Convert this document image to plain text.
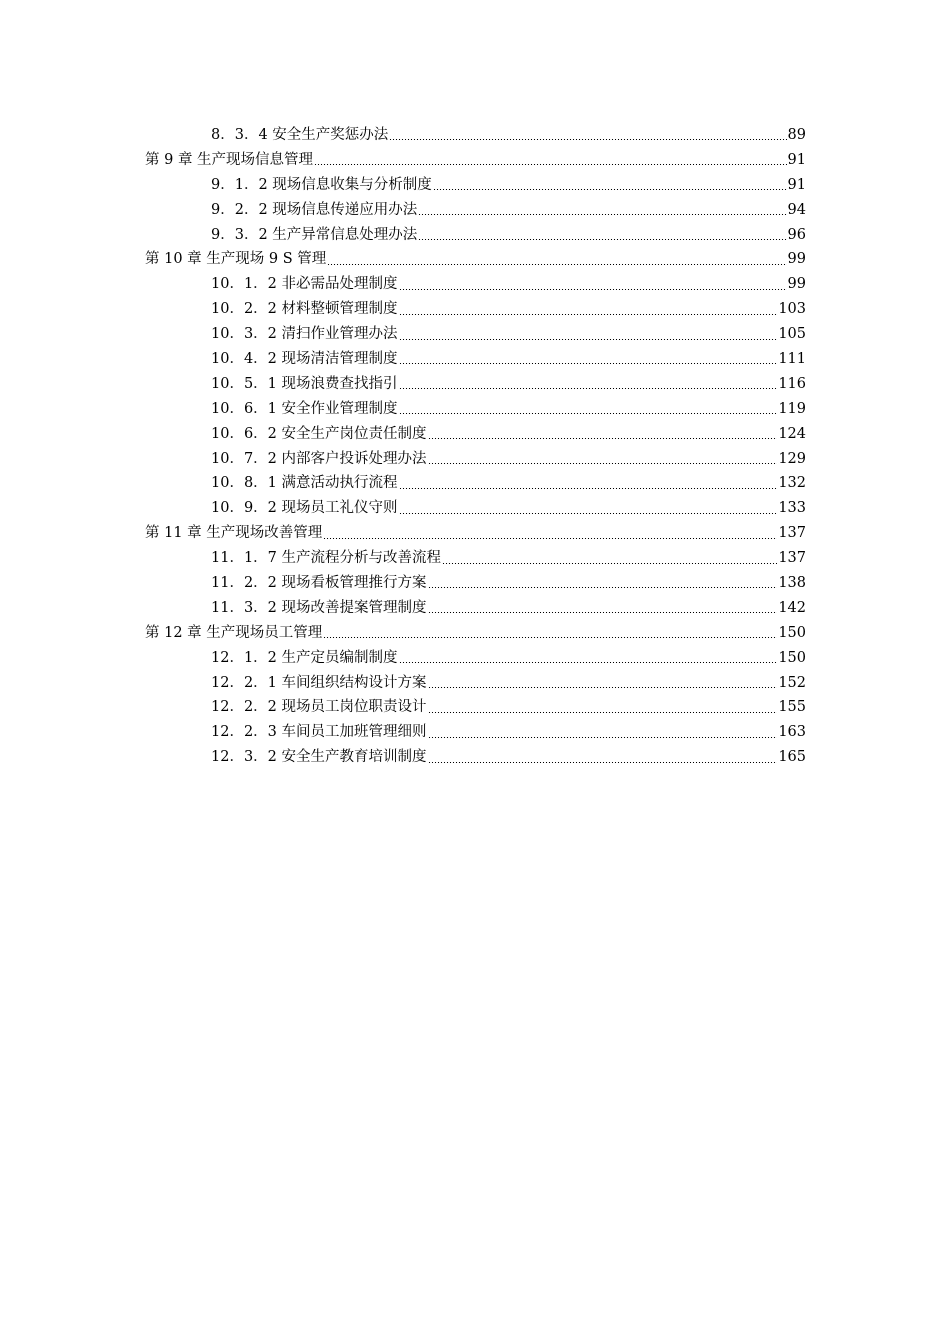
8．3．4 安全生产奖惩办法	89
第 9 章 生产现场信息管理	91
9．1．2 现场信息收集与分析制度	91
9．2．2 现场信息传递应用办法	94
9．3．2 生产异常信息处理办法	96
第 10 章 生产现场 9 S 管理	99
10．1．2 非必需品处理制度	99
10．2．2 材料整顿管理制度	103
10．3．2 清扫作业管理办法	105
10．4．2 现场清洁管理制度	111
10．5．1 现场浪费查找指引	116
10．6．1 安全作业管理制度	119
10．6．2 安全生产岗位责任制度	124
10．7．2 内部客户投诉处理办法	129
10．8．1 满意活动执行流程	132
10．9．2 现场员工礼仪守则	133
第 11 章 生产现场改善管理	137
11．1．7 生产流程分析与改善流程	137
11．2．2 现场看板管理推行方案	138
11．3．2 现场改善提案管理制度	142
第 12 章 生产现场员工管理	150
12．1．2 生产定员编制制度	150
12．2．1 车间组织结构设计方案	152
12．2．2 现场员工岗位职责设计	155
12．2．3 车间员工加班管理细则	163
12．3．2 安全生产教育培训制度	165
